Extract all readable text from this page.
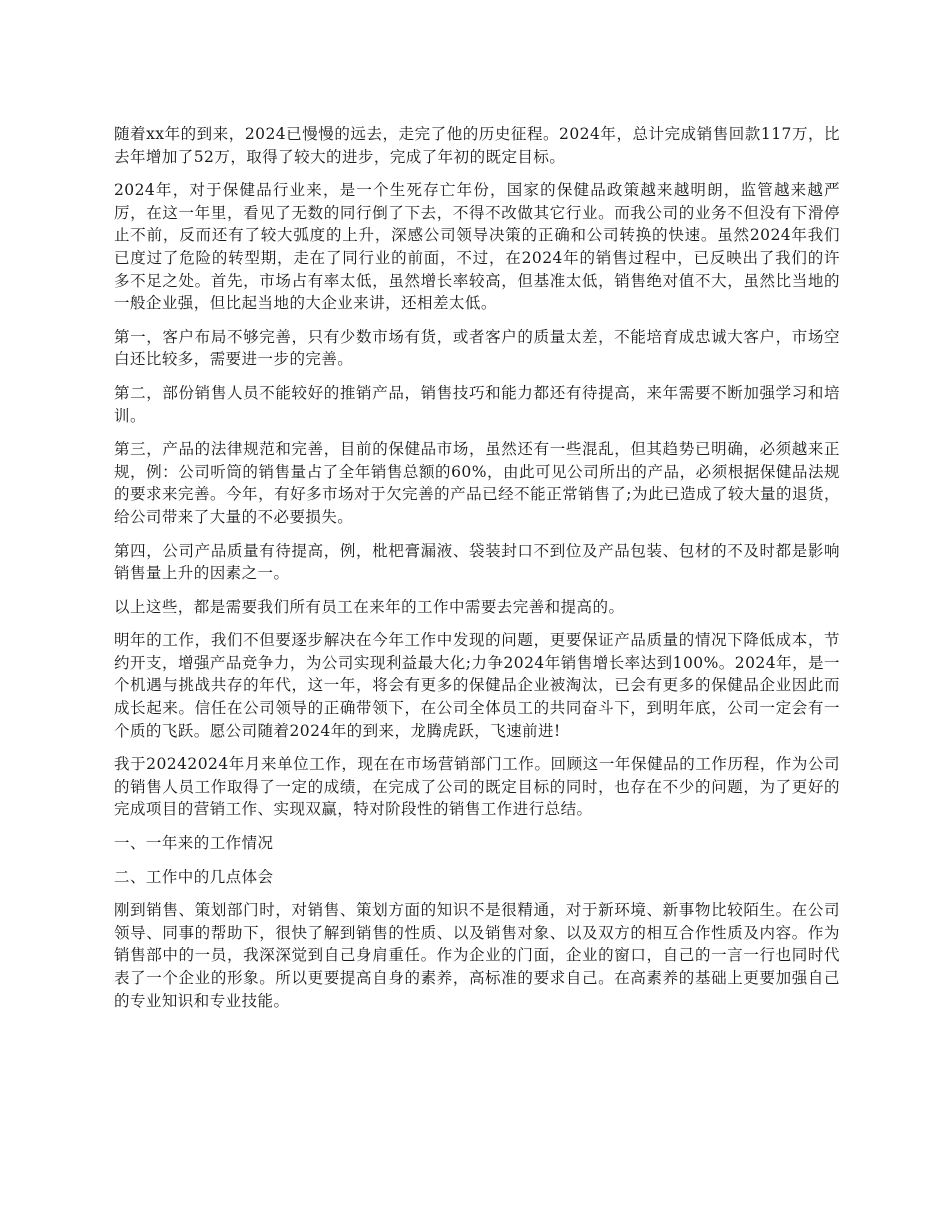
随着xx年的到来，2024已慢慢的远去，走完了他的历史征程。2024年，总计完成销售回款117万，比去年增加了52万，取得了较大的进步，完成了年初的既定目标。

2024年，对于保健品行业来，是一个生死存亡年份，国家的保健品政策越来越明朗，监管越来越严厉，在这一年里，看见了无数的同行倒了下去，不得不改做其它行业。而我公司的业务不但没有下滑停止不前，反而还有了较大弧度的上升，深感公司领导决策的正确和公司转换的快速。虽然2024年我们已度过了危险的转型期，走在了同行业的前面，不过，在2024年的销售过程中，已反映出了我们的许多不足之处。首先，市场占有率太低，虽然增长率较高，但基准太低，销售绝对值不大，虽然比当地的一般企业强，但比起当地的大企业来讲，还相差太低。

第一，客户布局不够完善，只有少数市场有货，或者客户的质量太差，不能培育成忠诚大客户，市场空白还比较多，需要进一步的完善。

第二，部份销售人员不能较好的推销产品，销售技巧和能力都还有待提高，来年需要不断加强学习和培训。

第三，产品的法律规范和完善，目前的保健品市场，虽然还有一些混乱，但其趋势已明确，必须越来正规，例：公司听筒的销售量占了全年销售总额的60%，由此可见公司所出的产品，必须根据保健品法规的要求来完善。今年，有好多市场对于欠完善的产品已经不能正常销售了;为此已造成了较大量的退货，给公司带来了大量的不必要损失。

第四，公司产品质量有待提高，例，枇杷膏漏液、袋装封口不到位及产品包装、包材的不及时都是影响销售量上升的因素之一。

以上这些，都是需要我们所有员工在来年的工作中需要去完善和提高的。

明年的工作，我们不但要逐步解决在今年工作中发现的问题，更要保证产品质量的情况下降低成本，节约开支，增强产品竞争力，为公司实现利益最大化;力争2024年销售增长率达到100%。2024年，是一个机遇与挑战共存的年代，这一年，将会有更多的保健品企业被淘汰，已会有更多的保健品企业因此而成长起来。信任在公司领导的正确带领下，在公司全体员工的共同奋斗下，到明年底，公司一定会有一个质的飞跃。愿公司随着2024年的到来，龙腾虎跃，飞速前进!

我于20242024年月来单位工作，现在在市场营销部门工作。回顾这一年保健品的工作历程，作为公司的销售人员工作取得了一定的成绩，在完成了公司的既定目标的同时，也存在不少的问题，为了更好的完成项目的营销工作、实现双赢，特对阶段性的销售工作进行总结。

一、一年来的工作情况

二、工作中的几点体会

刚到销售、策划部门时，对销售、策划方面的知识不是很精通，对于新环境、新事物比较陌生。在公司领导、同事的帮助下，很快了解到销售的性质、以及销售对象、以及双方的相互合作性质及内容。作为销售部中的一员，我深深觉到自己身肩重任。作为企业的门面，企业的窗口，自己的一言一行也同时代表了一个企业的形象。所以更要提高自身的素养，高标准的要求自己。在高素养的基础上更要加强自己的专业知识和专业技能。
